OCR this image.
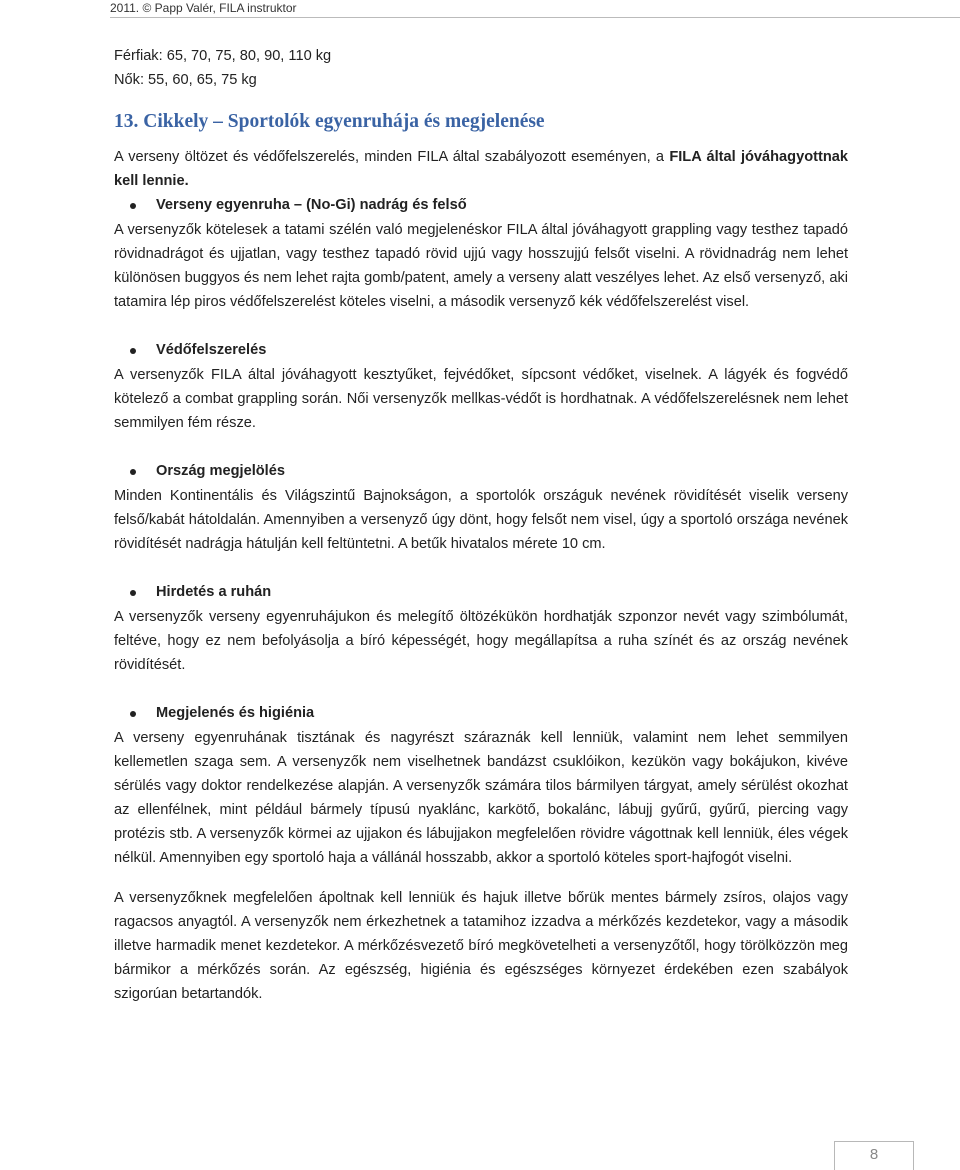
2011. © Papp Valér, FILA instruktor

Férfiak: 65, 70, 75, 80, 90, 110 kg

Nők: 55, 60, 65, 75 kg

13. Cikkely – Sportolók egyenruhája és megjelenése

A verseny öltözet és védőfelszerelés, minden FILA által szabályozott eseményen, a FILA által jóváhagyottnak kell lennie.

Verseny egyenruha – (No-Gi) nadrág és felső

A versenyzők kötelesek a tatami szélén való megjelenéskor FILA által jóváhagyott grappling vagy testhez tapadó rövidnadrágot és ujjatlan, vagy testhez tapadó rövid ujjú vagy hosszujjú felsőt viselni. A rövidnadrág nem lehet különösen buggyos és nem lehet rajta gomb/patent, amely a verseny alatt veszélyes lehet. Az első versenyző, aki tatamira lép piros védőfelszerelést köteles viselni, a második versenyző kék védőfelszerelést visel.

Védőfelszerelés

A versenyzők FILA által jóváhagyott kesztyűket, fejvédőket, sípcsont védőket, viselnek. A lágyék és fogvédő kötelező a combat grappling során. Női versenyzők mellkas-védőt is hordhatnak. A védőfelszerelésnek nem lehet semmilyen fém része.

Ország megjelölés

Minden Kontinentális és Világszintű Bajnokságon, a sportolók országuk nevének rövidítését viselik verseny felső/kabát hátoldalán. Amennyiben a versenyző úgy dönt, hogy felsőt nem visel, úgy a sportoló országa nevének rövidítését nadrágja hátulján kell feltüntetni. A betűk hivatalos mérete 10 cm.

Hirdetés a ruhán

A versenyzők verseny egyenruhájukon és melegítő öltözékükön hordhatják szponzor nevét vagy szimbólumát, feltéve, hogy ez nem befolyásolja a bíró képességét, hogy megállapítsa a ruha színét és az ország nevének rövidítését.

Megjelenés és higiénia

A verseny egyenruhának tisztának és nagyrészt száraznák kell lenniük, valamint nem lehet semmilyen kellemetlen szaga sem. A versenyzők nem viselhetnek bandázst csuklóikon, kezükön vagy bokájukon, kivéve sérülés vagy doktor rendelkezése alapján. A versenyzők számára tilos bármilyen tárgyat, amely sérülést okozhat az ellenfélnek, mint például bármely típusú nyaklánc, karkötő, bokalánc, lábujj gyűrű, gyűrű, piercing vagy protézis stb. A versenyzők körmei az ujjakon és lábujjakon megfelelően rövidre vágottnak kell lenniük, éles végek nélkül. Amennyiben egy sportoló haja a vállánál hosszabb, akkor a sportoló köteles sport-hajfogót viselni.

A versenyzőknek megfelelően ápoltnak kell lenniük és hajuk illetve bőrük mentes bármely zsíros, olajos vagy ragacsos anyagtól. A versenyzők nem érkezhetnek a tatamihoz izzadva a mérkőzés kezdetekor, vagy a második illetve harmadik menet kezdetekor. A mérkőzésvezető bíró megkövetelheti a versenyzőtől, hogy törölközzön meg bármikor a mérkőzés során. Az egészség, higiénia és egészséges környezet érdekében ezen szabályok szigorúan betartandók.

8
